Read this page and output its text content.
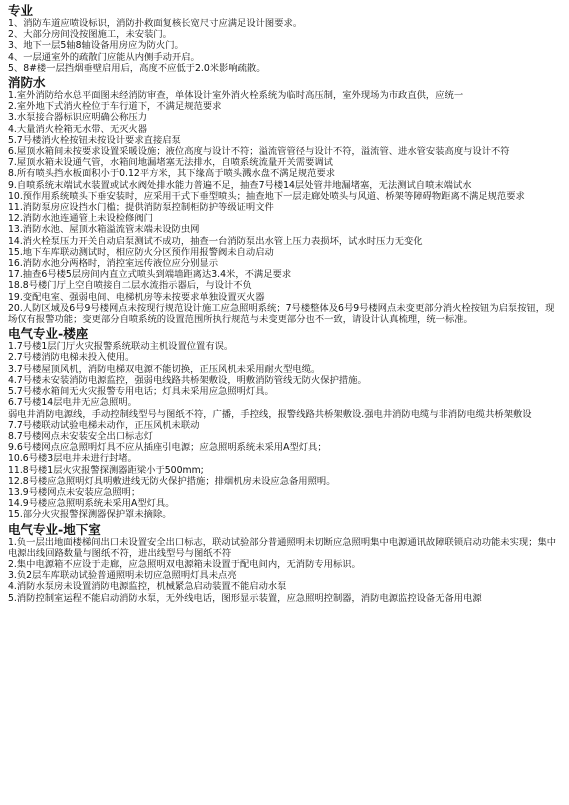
专业
1、消防车道应喷设标识，消防扑救面复核长宽尺寸应满足设计图要求。
2、大部分房间没按图施工，未安装门。
3、地下一层5轴8轴设备用房应为防火门。
4、一层通室外的疏散门应能从内侧手动开启。
5、8#楼一层挡烟垂壁启用后，高度不应低于2.0米影响疏散。
消防水
1.室外消防给水总平面图未经消防审查，单体设计室外消火栓系统为临时高压制，室外现场为市政直供，应统一
2.室外地下式消火栓位于车行道下，不满足规范要求
3.水泵接合器标识应明确公称压力
4.大量消火栓箱无水带、无灭火器
5.7号楼消火栓按钮未按设计要求直接启泵
6.屋顶水箱间未按要求设置采暖设施；液位高度与设计不符；溢流管管径与设计不符，溢流管、进水管安装高度与设计不符
7.屋顶水箱未设通气管，水箱间地漏堵塞无法排水，自喷系统流量开关需要调试
8.所有喷头挡水板面积小于0.12平方米，其下缘高于喷头溅水盘不满足规范要求
9.自喷系统末端试水装置或试水阀处排水能力普遍不足，抽查7号楼14层处管井地漏堵塞，无法测试自喷末端试水
10.预作用系统喷头下垂安装时，应采用干式下垂型喷头；抽查地下一层走廊处喷头与风道、桥架等障碍物距离不满足规范要求
11.消防泵房应设挡水门槛；提供消防泵控制柜防护等级证明文件
12.消防水池连通管上未设检修阀门
13.消防水池、屋顶水箱溢流管末端未设防虫网
14.消火栓泵压力开关自动启泵测试不成功，抽查一台消防泵出水管上压力表损坏，试水时压力无变化
15.地下车库联动测试时，相应防火分区预作用报警阀未自动启动
16.消防水池分两格时，消控室远传液位应分别显示
17.抽查6号楼5层房间内直立式喷头到端墙距离达3.4米，不满足要求
18.8号楼门厅上空自喷接自二层水流指示器后，与设计不负
19.变配电室、强弱电间、电梯机房等未按要求单独设置灭火器
20.人防区域及6号9号楼网点未按现行规范设计施工应急照明系统；7号楼整体及6号9号楼网点未变更部分消火栓按钮为启泵按钮，现场仅有报警功能；变更部分自喷系统的设置范围所执行规范与未变更部分也不一致，请设计认真梳理，统一标准。
电气专业-楼座
1.7号楼1层门厅火灾报警系统联动主机设置位置有误。
2.7号楼消防电梯未投入使用。
3.7号楼屋顶风机，消防电梯双电源不能切换，正压风机未采用耐火型电缆。
4.7号楼未安装消防电源监控，强弱电线路共桥架敷设，明敷消防管线无防火保护措施。
5.7号楼水箱间无火灾报警专用电话；灯具未采用应急照明灯具。
6.7号楼14层电井无应急照明。
弱电井消防电源线，手动控制线型号与图纸不符，广播，手控线，报警线路共桥架敷设.强电井消防电缆与非消防电缆共桥架敷设
7.7号楼联动试验电梯未动作，正压风机未联动
8.7号楼网点未安装安全出口标志灯
9.6号楼网点应急照明灯具不应从插座引电源；应急照明系统未采用A型灯具；
10.6号楼3层电井未进行封堵。
11.8号楼1层火灾报警探测器距梁小于500mm;
12.8号楼应急照明灯具明敷进线无防火保护措施；排烟机房未设应急备用照明。
13.9号楼网点未安装应急照明；
14.9号楼应急照明系统未采用A型灯具。
15.部分火灾报警探测器保护罩未摘除。
电气专业-地下室
1.负一层出地面楼梯间出口未设置安全出口标志，联动试验部分普通照明未切断应急照明集中电源通讯故障联锁启动功能未实现；集中电源出线回路数量与图纸不符，进出线型号与图纸不符
2.集中电源箱不应设于走廊，应急照明双电源箱未设置于配电间内，无消防专用标识。
3.负2层车库联动试验普通照明未切应急照明灯具未点亮
4.消防水泵房未设置消防电源监控，机械紧急启动装置不能启动水泵
5.消防控制室运程不能启动消防水泵，无外线电话，图形显示装置，应急照明控制器，消防电源监控设备无备用电源
